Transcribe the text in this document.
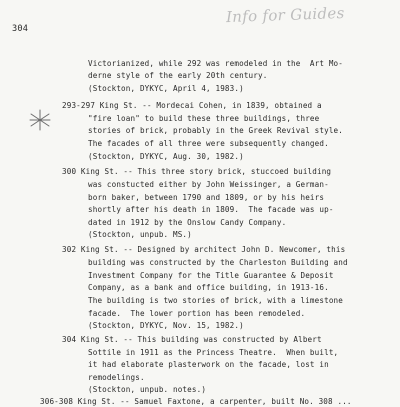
304
Info for Guides
Victorianized, while 292 was remodeled in the  Art Mo-
derne style of the early 20th century.
(Stockton, DYKYC, April 4, 1983.)
293-297 King St. -- Mordecai Cohen, in 1839, obtained a
"fire loan" to build these three buildings, three
stories of brick, probably in the Greek Revival style.
The facades of all three were subsequently changed.
(Stockton, DYKYC, Aug. 30, 1982.)
300 King St. -- This three story brick, stuccoed building
was constucted either by John Weissinger, a German-
born baker, between 1790 and 1809, or by his heirs
shortly after his death in 1809.  The facade was up-
dated in 1912 by the Onslow Candy Company.
(Stockton, unpub. MS.)
302 King St. -- Designed by architect John D. Newcomer, this
building was constructed by the Charleston Building and
Investment Company for the Title Guarantee & Deposit
Company, as a bank and office building, in 1913-16.
The building is two stories of brick, with a limestone
facade.  The lower portion has been remodeled.
(Stockton, DYKYC, Nov. 15, 1982.)
304 King St. -- This building was constructed by Albert
Sottile in 1911 as the Princess Theatre.  When built,
it had elaborate plasterwork on the facade, lost in
remodelings.
(Stockton, unpub. notes.)
306-308 King St. -- Samuel Faxtone, a carpenter, built No. 308 ...
